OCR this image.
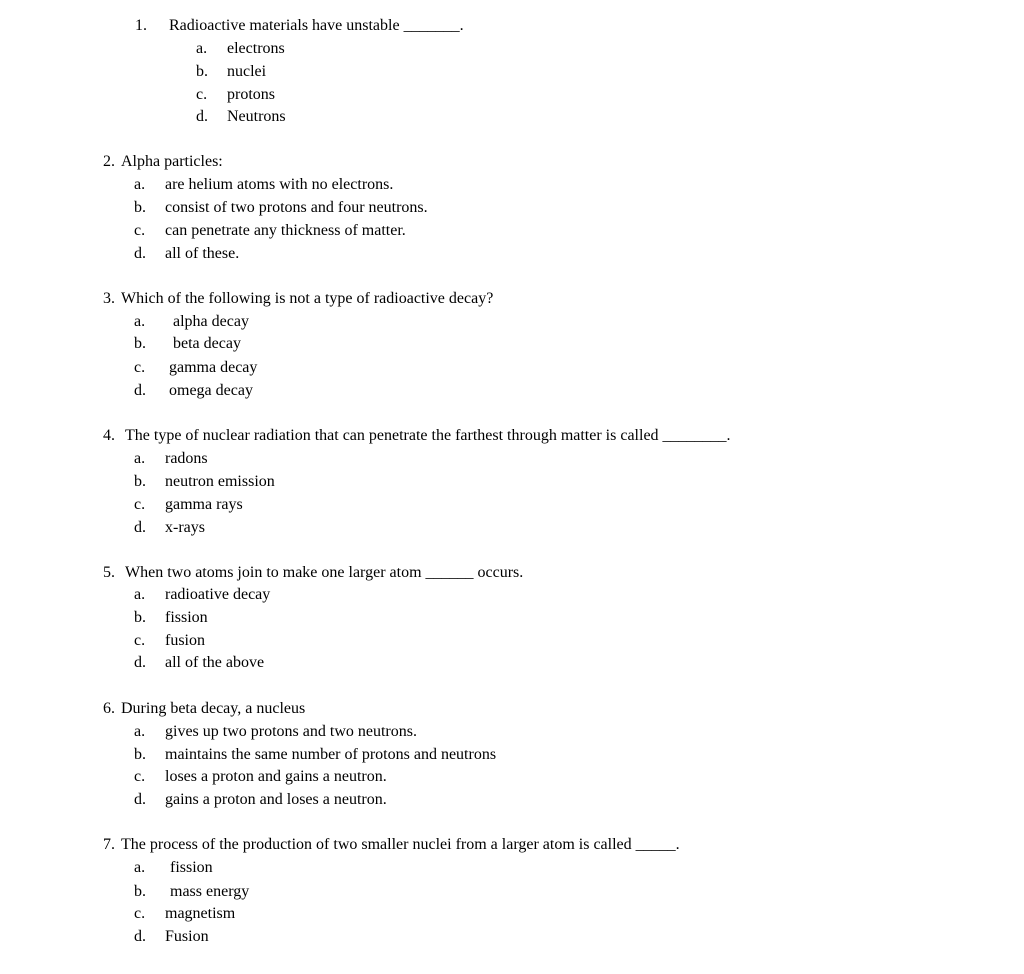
1. Radioactive materials have unstable _______.
a. electrons
b. nuclei
c. protons
d. Neutrons
2. Alpha particles:
a. are helium atoms with no electrons.
b. consist of two protons and four neutrons.
c. can penetrate any thickness of matter.
d. all of these.
3. Which of the following is not a type of radioactive decay?
a. alpha decay
b. beta decay
c. gamma decay
d. omega decay
4. The type of nuclear radiation that can penetrate the farthest through matter is called ________.
a. radons
b. neutron emission
c. gamma rays
d. x-rays
5. When two atoms join to make one larger atom ______ occurs.
a. radioative decay
b. fission
c. fusion
d. all of the above
6. During beta decay, a nucleus
a. gives up two protons and two neutrons.
b. maintains the same number of protons and neutrons
c. loses a proton and gains a neutron.
d. gains a proton and loses a neutron.
7. The process of the production of two smaller nuclei from a larger atom is called _____.
a. fission
b. mass energy
c. magnetism
d. Fusion
